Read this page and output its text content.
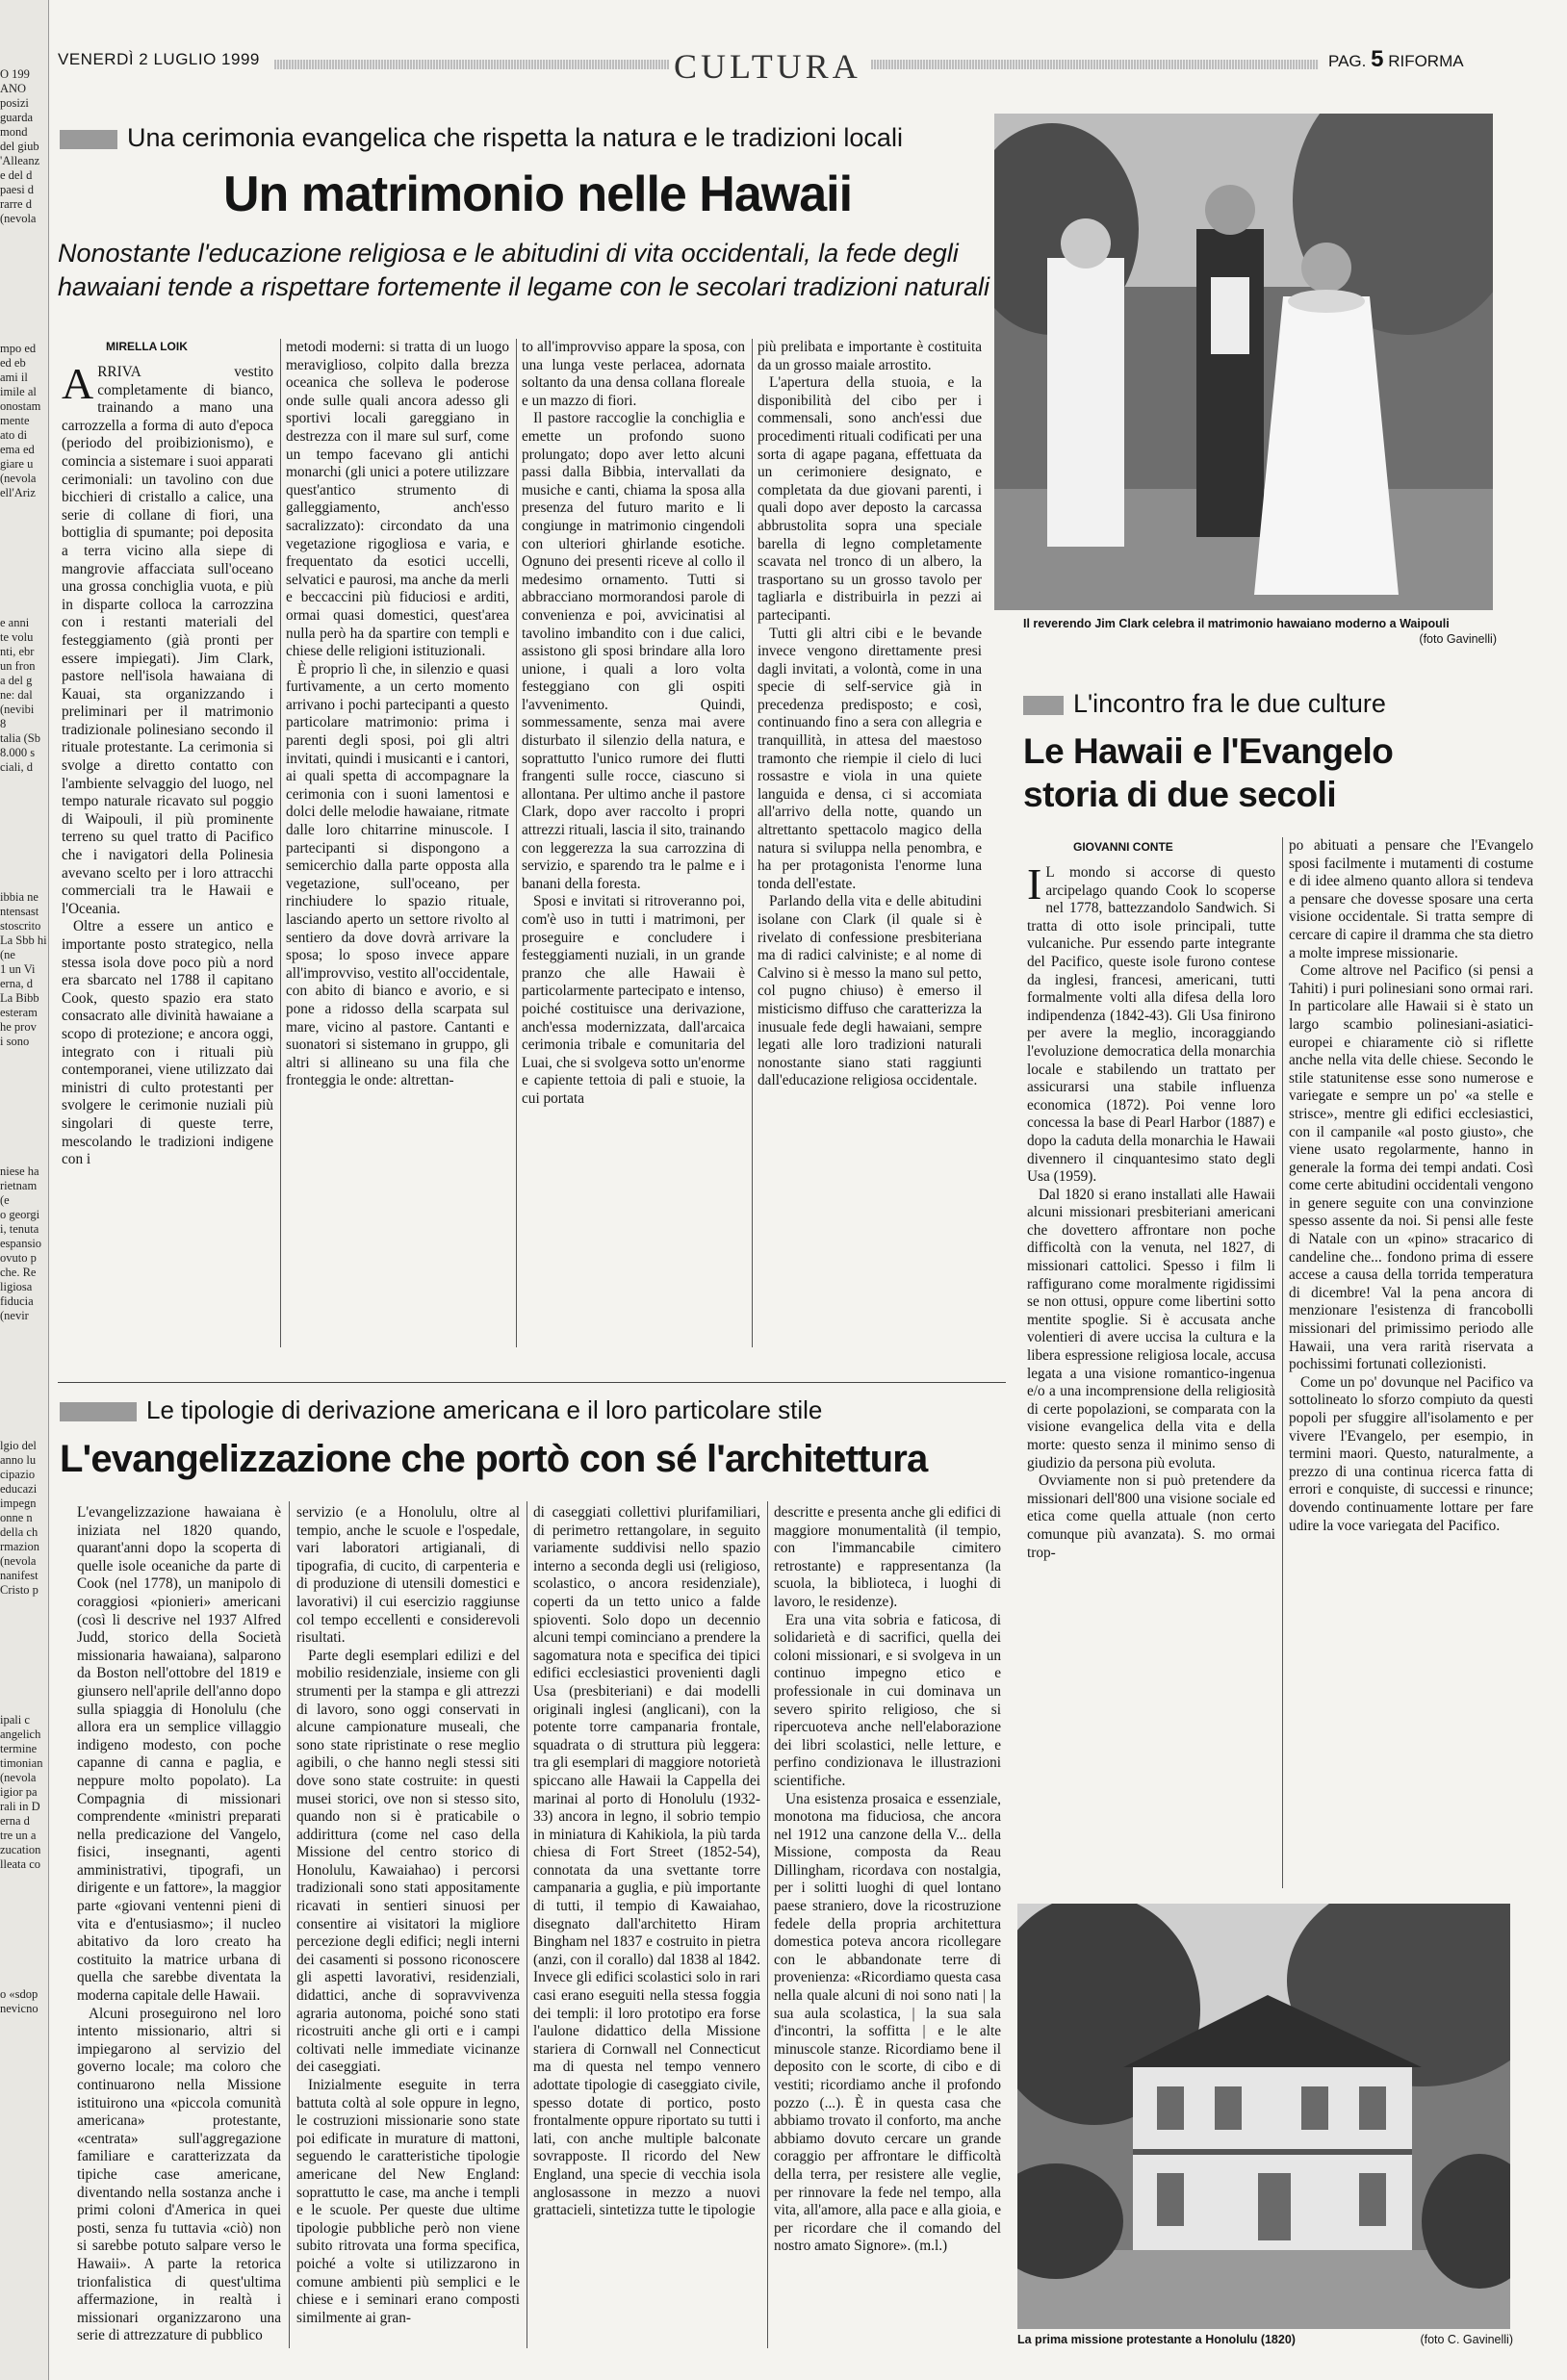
O 199
ANO
posizi
guarda
mond
del giub
'Alleanz
e del d
paesi d
rarre d
(nevola
mpo ed
ed eb
ami il
imile al
onostam
mente
ato di
ema ed
giare u
(nevola
ell'Ariz
e anni
te volu
nti, ebr
un fron
a del g
ne: dal
(nevibi
8
talia (Sb
8.000 s
ciali, d
ibbia ne
ntensast
stoscrito
La Sbb hi
(ne
1 un Vi
erna, d
La Bibb
esteram
he prov
i sono
niese ha
rietnam
(e
o georgi
i, tenuta
espansio
ovuto p
che. Re
ligiosa
fiducia
(nevir
lgio del
anno lu
cipazio
educazi
impegn
onne n
della ch
rmazion
(nevola
nanifest
Cristo p
ipali c
angelich
termine
timonian
(nevola
igior pa
rali in D
erna d
tre un a
zucation
lleata co
o «sdop
nevicno
VENERDÌ 2 LUGLIO 1999	CULTURA	PAG. 5 RIFORMA
Una cerimonia evangelica che rispetta la natura e le tradizioni locali
Un matrimonio nelle Hawaii
Nonostante l'educazione religiosa e le abitudini di vita occidentali, la fede degli hawaiani tende a rispettare fortemente il legame con le secolari tradizioni naturali
MIRELLA LOIK
A RRIVA vestito completamente di bianco, trainando a mano una carrozzella a forma di auto d'epoca (periodo del proibizionismo), e comincia a sistemare i suoi apparati cerimoniali: un tavolino con due bicchieri di cristallo a calice, una serie di collane di fiori, una bottiglia di spumante; poi deposita a terra vicino alla siepe di mangrovie affacciata sull'oceano una grossa conchiglia vuota, e più in disparte colloca la carrozzina con i restanti materiali del festeggiamento (già pronti per essere impiegati). Jim Clark, pastore nell'isola hawaiana di Kauai, sta organizzando i preliminari per il matrimonio tradizionale polinesiano secondo il rituale protestante. La cerimonia si svolge a diretto contatto con l'ambiente selvaggio del luogo, nel tempo naturale ricavato sul poggio di Waipouli, il più prominente terreno su quel tratto di Pacifico che i navigatori della Polinesia avevano scelto per i loro attracchi commerciali tra le Hawaii e l'Oceania.

Oltre a essere un antico e importante posto strategico, nella stessa isola dove poco più a nord era sbarcato nel 1788 il capitano Cook, questo spazio era stato consacrato alle divinità hawaiane a scopo di protezione; e ancora oggi, integrato con i rituali più contemporanei, viene utilizzato dai ministri di culto protestanti per svolgere le cerimonie nuziali più singolari di queste terre, mescolando le tradizioni indigene con i

metodi moderni: si tratta di un luogo meraviglioso, colpito dalla brezza oceanica che solleva le poderose onde sulle quali ancora adesso gli sportivi locali gareggiano in destrezza con il mare sul surf, come un tempo facevano gli antichi monarchi (gli unici a potere utilizzare quest'antico strumento di galleggiamento, anch'esso sacralizzato): circondato da una vegetazione rigogliosa e varia, e frequentato da esotici uccelli, selvatici e paurosi, ma anche da merli e beccaccini più fiduciosi e arditi, ormai quasi domestici, quest'area nulla però ha da spartire con templi e chiese delle religioni istituzionali.

È proprio lì che, in silenzio e quasi furtivamente, a un certo momento arrivano i pochi partecipanti a questo particolare matrimonio: prima i parenti degli sposi, poi gli altri invitati, quindi i musicanti e i cantori, ai quali spetta di accompagnare la cerimonia con i suoni lamentosi e dolci delle melodie hawaiane, ritmate dalle loro chitarrine minuscole. I partecipanti si dispongono a semicerchio dalla parte opposta alla vegetazione, sull'oceano, per rinchiudere lo spazio rituale, lasciando aperto un settore rivolto al sentiero da dove dovrà arrivare la sposa; lo sposo invece appare all'improvviso, vestito all'occidentale, con abito di bianco e avorio, e si pone a ridosso della scarpata sul mare, vicino al pastore. Cantanti e suonatori si sistemano in gruppo, gli altri si allineano su una fila che fronteggia le onde: altrettan-

to all'improvviso appare la sposa, con una lunga veste perlacea, adornata soltanto da una densa collana floreale e un mazzo di fiori.

Il pastore raccoglie la conchiglia e emette un profondo suono prolungato; dopo aver letto alcuni passi dalla Bibbia, intervallati da musiche e canti, chiama la sposa alla presenza del futuro marito e li congiunge in matrimonio cingendoli con ulteriori ghirlande esotiche. Ognuno dei presenti riceve al collo il medesimo ornamento. Tutti si abbracciano mormorandosi parole di convenienza e poi, avvicinatisi al tavolino imbandito con i due calici, assistono gli sposi brindare alla loro unione, i quali a loro volta festeggiano con gli ospiti l'avvenimento. Quindi, sommessamente, senza mai avere disturbato il silenzio della natura, e soprattutto l'unico rumore dei flutti frangenti sulle rocce, ciascuno si allontana. Per ultimo anche il pastore Clark, dopo aver raccolto i propri attrezzi rituali, lascia il sito, trainando con leggerezza la sua carrozzina di servizio, e sparendo tra le palme e i banani della foresta.

Sposi e invitati si ritroveranno poi, com'è uso in tutti i matrimoni, per proseguire e concludere i festeggiamenti nuziali, in un grande pranzo che alle Hawaii è particolarmente partecipato e intenso, poiché costituisce una derivazione, anch'essa modernizzata, dall'arcaica cerimonia tribale e comunitaria del Luai, che si svolgeva sotto un'enorme e capiente tettoia di pali e stuoie, la cui portata

più prelibata e importante è costituita da un grosso maiale arrostito.

L'apertura della stuoia, e la disponibilità del cibo per i commensali, sono anch'essi due procedimenti rituali codificati per una sorta di agape pagana, effettuata da un cerimoniere designato, e completata da due giovani parenti, i quali dopo aver deposto la carcassa abbrustolita sopra una speciale barella di legno completamente scavata nel tronco di un albero, la trasportano su un grosso tavolo per tagliarla e distribuirla in pezzi ai partecipanti.

Tutti gli altri cibi e le bevande invece vengono direttamente presi dagli invitati, a volontà, come in una specie di self-service già in precedenza predisposto; e così, continuando fino a sera con allegria e tranquillità, in attesa del maestoso tramonto che riempie il cielo di luci rossastre e viola in una quiete languida e densa, ci si accomiata all'arrivo della notte, quando un altrettanto spettacolo magico della natura si sviluppa nella penombra, e ha per protagonista l'enorme luna tonda dell'estate.

Parlando della vita e delle abitudini isolane con Clark (il quale si è rivelato di confessione presbiteriana ma di radici calviniste; e al nome di Calvino si è messo la mano sul petto, col pugno chiuso) è emerso il misticismo diffuso che caratterizza la inusuale fede degli hawaiani, sempre legati alle loro tradizioni naturali nonostante siano stati raggiunti dall'educazione religiosa occidentale.

Il reverendo Jim Clark celebra il matrimonio hawaiano moderno a Waipouli
(foto Gavinelli)
L'incontro fra le due culture
Le Hawaii e l'Evangelo storia di due secoli
GIOVANNI CONTE
I L mondo si accorse di questo arcipelago quando Cook lo scoperse nel 1778, battezzandolo Sandwich. Si tratta di otto isole principali, tutte vulcaniche. Pur essendo parte integrante del Pacifico, queste isole furono contese da inglesi, francesi, americani, tutti formalmente volti alla difesa della loro indipendenza (1842-43). Gli Usa finirono per avere la meglio, incoraggiando l'evoluzione democratica della monarchia locale e stabilendo un trattato per assicurarsi una stabile influenza economica (1872). Poi venne loro concessa la base di Pearl Harbor (1887) e dopo la caduta della monarchia le Hawaii divennero il cinquantesimo stato degli Usa (1959).

Dal 1820 si erano installati alle Hawaii alcuni missionari presbiteriani americani che dovettero affrontare non poche difficoltà con la venuta, nel 1827, di missionari cattolici. Spesso i film li raffigurano come moralmente rigidissimi se non ottusi, oppure come libertini sotto mentite spoglie. Si è accusata anche volentieri di avere uccisa la cultura e la libera espressione religiosa locale, accusa legata a una visione romantico-ingenua e/o a una incomprensione della religiosità di certe popolazioni, se comparata con la visione evangelica della vita e della morte: questo senza il minimo senso di giudizio da persona più evoluta.

Ovviamente non si può pretendere da missionari dell'800 una visione sociale ed etica come quella attuale (non certo comunque più avanzata). S. mo ormai trop-

po abituati a pensare che l'Evangelo sposi facilmente i mutamenti di costume e di idee almeno quanto allora si tendeva a pensare che dovesse sposare una certa visione occidentale. Si tratta sempre di cercare di capire il dramma che sta dietro a molte imprese missionarie.

Come altrove nel Pacifico (si pensi a Tahiti) i puri polinesiani sono ormai rari. In particolare alle Hawaii si è stato un largo scambio polinesiani-asiatici-europei e chiaramente ciò si riflette anche nella vita delle chiese. Secondo le stile statunitense esse sono numerose e variegate e sempre un po' «a stelle e strisce», mentre gli edifici ecclesiastici, con il campanile «al posto giusto», che viene usato regolarmente, hanno in generale la forma dei tempi andati. Così come certe abitudini occidentali vengono in genere seguite con una convinzione spesso assente da noi. Si pensi alle feste di Natale con un «pino» stracarico di candeline che... fondono prima di essere accese a causa della torrida temperatura di dicembre! Val la pena ancora di menzionare l'esistenza di francobolli missionari del primissimo periodo alle Hawaii, una vera rarità riservata a pochissimi fortunati collezionisti.

Come un po' dovunque nel Pacifico va sottolineato lo sforzo compiuto da questi popoli per sfuggire all'isolamento e per vivere l'Evangelo, per esempio, in termini maori. Questo, naturalmente, a prezzo di una continua ricerca fatta di errori e conquiste, di successi e rinunce; dovendo continuamente lottare per fare udire la voce variegata del Pacifico.

Le tipologie di derivazione americana e il loro particolare stile
L'evangelizzazione che portò con sé l'architettura

L'evangelizzazione hawaiana è iniziata nel 1820 quando, quarant'anni dopo la scoperta di quelle isole oceaniche da parte di Cook (nel 1778), un manipolo di coraggiosi «pionieri» americani (così li descrive nel 1937 Alfred Judd, storico della Società missionaria hawaiana), salparono da Boston nell'ottobre del 1819 e giunsero nell'aprile dell'anno dopo sulla spiaggia di Honolulu (che allora era un semplice villaggio indigeno modesto, con poche capanne di canna e paglia, e neppure molto popolato). La Compagnia di missionari comprendente «ministri preparati nella predicazione del Vangelo, fisici, insegnanti, agenti amministrativi, tipografi, un dirigente e un fattore», la maggior parte «giovani ventenni pieni di vita e d'entusiasmo»; il nucleo abitativo da loro creato ha costituito la matrice urbana di quella che sarebbe diventata la moderna capitale delle Hawaii.

Alcuni proseguirono nel loro intento missionario, altri si impiegarono al servizio del governo locale; ma coloro che continuarono nella Missione istituirono una «piccola comunità americana» protestante, «centrata» sull'aggregazione familiare e caratterizzata da tipiche case americane, diventando nella sostanza anche i primi coloni d'America in quei posti, senza fu tuttavia «ciò) non si sarebbe potuto salpare verso le Hawaii». A parte la retorica trionfalistica di quest'ultima affermazione, in realtà i missionari organizzarono una serie di attrezzature di pubblico

servizio (e a Honolulu, oltre al tempio, anche le scuole e l'ospedale, vari laboratori artigianali, di tipografia, di cucito, di carpenteria e di produzione di utensili domestici e lavorativi) il cui esercizio raggiunse col tempo eccellenti e considerevoli risultati.

Parte degli esemplari edilizi e del mobilio residenziale, insieme con gli strumenti per la stampa e gli attrezzi di lavoro, sono oggi conservati in alcune campionature museali, che sono state ripristinate o rese meglio agibili, o che hanno negli stessi siti dove sono state costruite: in questi musei storici, ove non si stesso sito, quando non si è praticabile o addirittura (come nel caso della Missione del centro storico di Honolulu, Kawaiahao) i percorsi tradizionali sono stati appositamente ricavati in sentieri sinuosi per consentire ai visitatori la migliore percezione degli edifici; negli interni dei casamenti si possono riconoscere gli aspetti lavorativi, residenziali, didattici, anche di sopravvivenza agraria autonoma, poiché sono stati ricostruiti anche gli orti e i campi coltivati nelle immediate vicinanze dei caseggiati.

Inizialmente eseguite in terra battuta coltà al sole oppure in legno, le costruzioni missionarie sono state poi edificate in murature di mattoni, seguendo le caratteristiche tipologie americane del New England: soprattutto le case, ma anche i templi e le scuole. Per queste due ultime tipologie pubbliche però non viene subito ritrovata una forma specifica, poiché a volte si utilizzarono in comune ambienti più semplici e le chiese e i seminari erano composti similmente ai gran-

di caseggiati collettivi plurifamiliari, di perimetro rettangolare, in seguito variamente suddivisi nello spazio interno a seconda degli usi (religioso, scolastico, o ancora residenziale), coperti da un tetto unico a falde spioventi. Solo dopo un decennio alcuni tempi cominciano a prendere la sagomatura nota e specifica dei tipici edifici ecclesiastici provenienti dagli Usa (presbiteriani) e dai modelli originali inglesi (anglicani), con la potente torre campanaria frontale, squadrata o di struttura più leggera: tra gli esemplari di maggiore notorietà spiccano alle Hawaii la Cappella dei marinai al porto di Honolulu (1932-33) ancora in legno, il sobrio tempio in miniatura di Kahikiola, la più tarda chiesa di Fort Street (1852-54), connotata da una svettante torre campanaria a guglia, e più importante di tutti, il tempio di Kawaiahao, disegnato dall'architetto Hiram Bingham nel 1837 e costruito in pietra (anzi, con il corallo) dal 1838 al 1842. Invece gli edifici scolastici solo in rari casi erano eseguiti nella stessa foggia dei templi: il loro prototipo era forse l'aulone didattico della Missione stariera di Cornwall nel Connecticut ma di questa nel tempo vennero adottate tipologie di caseggiato civile, spesso dotate di portico, posto frontalmente oppure riportato su tutti i lati, con anche multiple balconate sovrapposte. Il ricordo del New England, una specie di vecchia isola anglosassone in mezzo a nuovi grattacieli, sintetizza tutte le tipologie

descritte e presenta anche gli edifici di maggiore monumentalità (il tempio, con l'immancabile cimitero retrostante) e rappresentanza (la scuola, la biblioteca, i luoghi di lavoro, le residenze).

Era una vita sobria e faticosa, di solidarietà e di sacrifici, quella dei coloni missionari, e si svolgeva in un continuo impegno etico e professionale in cui dominava un severo spirito religioso, che si ripercuoteva anche nell'elaborazione dei libri scolastici, nelle letture, e perfino condizionava le illustrazioni scientifiche.

Una esistenza prosaica e essenziale, monotona ma fiduciosa, che ancora nel 1912 una canzone della V... della Missione, composta da Reau Dillingham, ricordava con nostalgia, per i solitti luoghi di quel lontano paese straniero, dove la ricostruzione fedele della propria architettura domestica poteva ancora ricollegare con le abbandonate terre di provenienza: «Ricordiamo questa casa nella quale alcuni di noi sono nati | la sua aula scolastica, | la sua sala d'incontri, la soffitta | e le alte minuscole stanze. Ricordiamo bene il deposito con le scorte, di cibo e di vestiti; ricordiamo anche il profondo pozzo (...). È in questa casa che abbiamo trovato il conforto, ma anche abbiamo dovuto cercare un grande coraggio per affrontare le difficoltà della terra, per resistere alle veglie, per rinnovare la fede nel tempo, alla vita, all'amore, alla pace e alla gioia, e per ricordare che il comando del nostro amato Signore». (m.l.)

La prima missione protestante a Honolulu (1820)	(foto C. Gavinelli)
